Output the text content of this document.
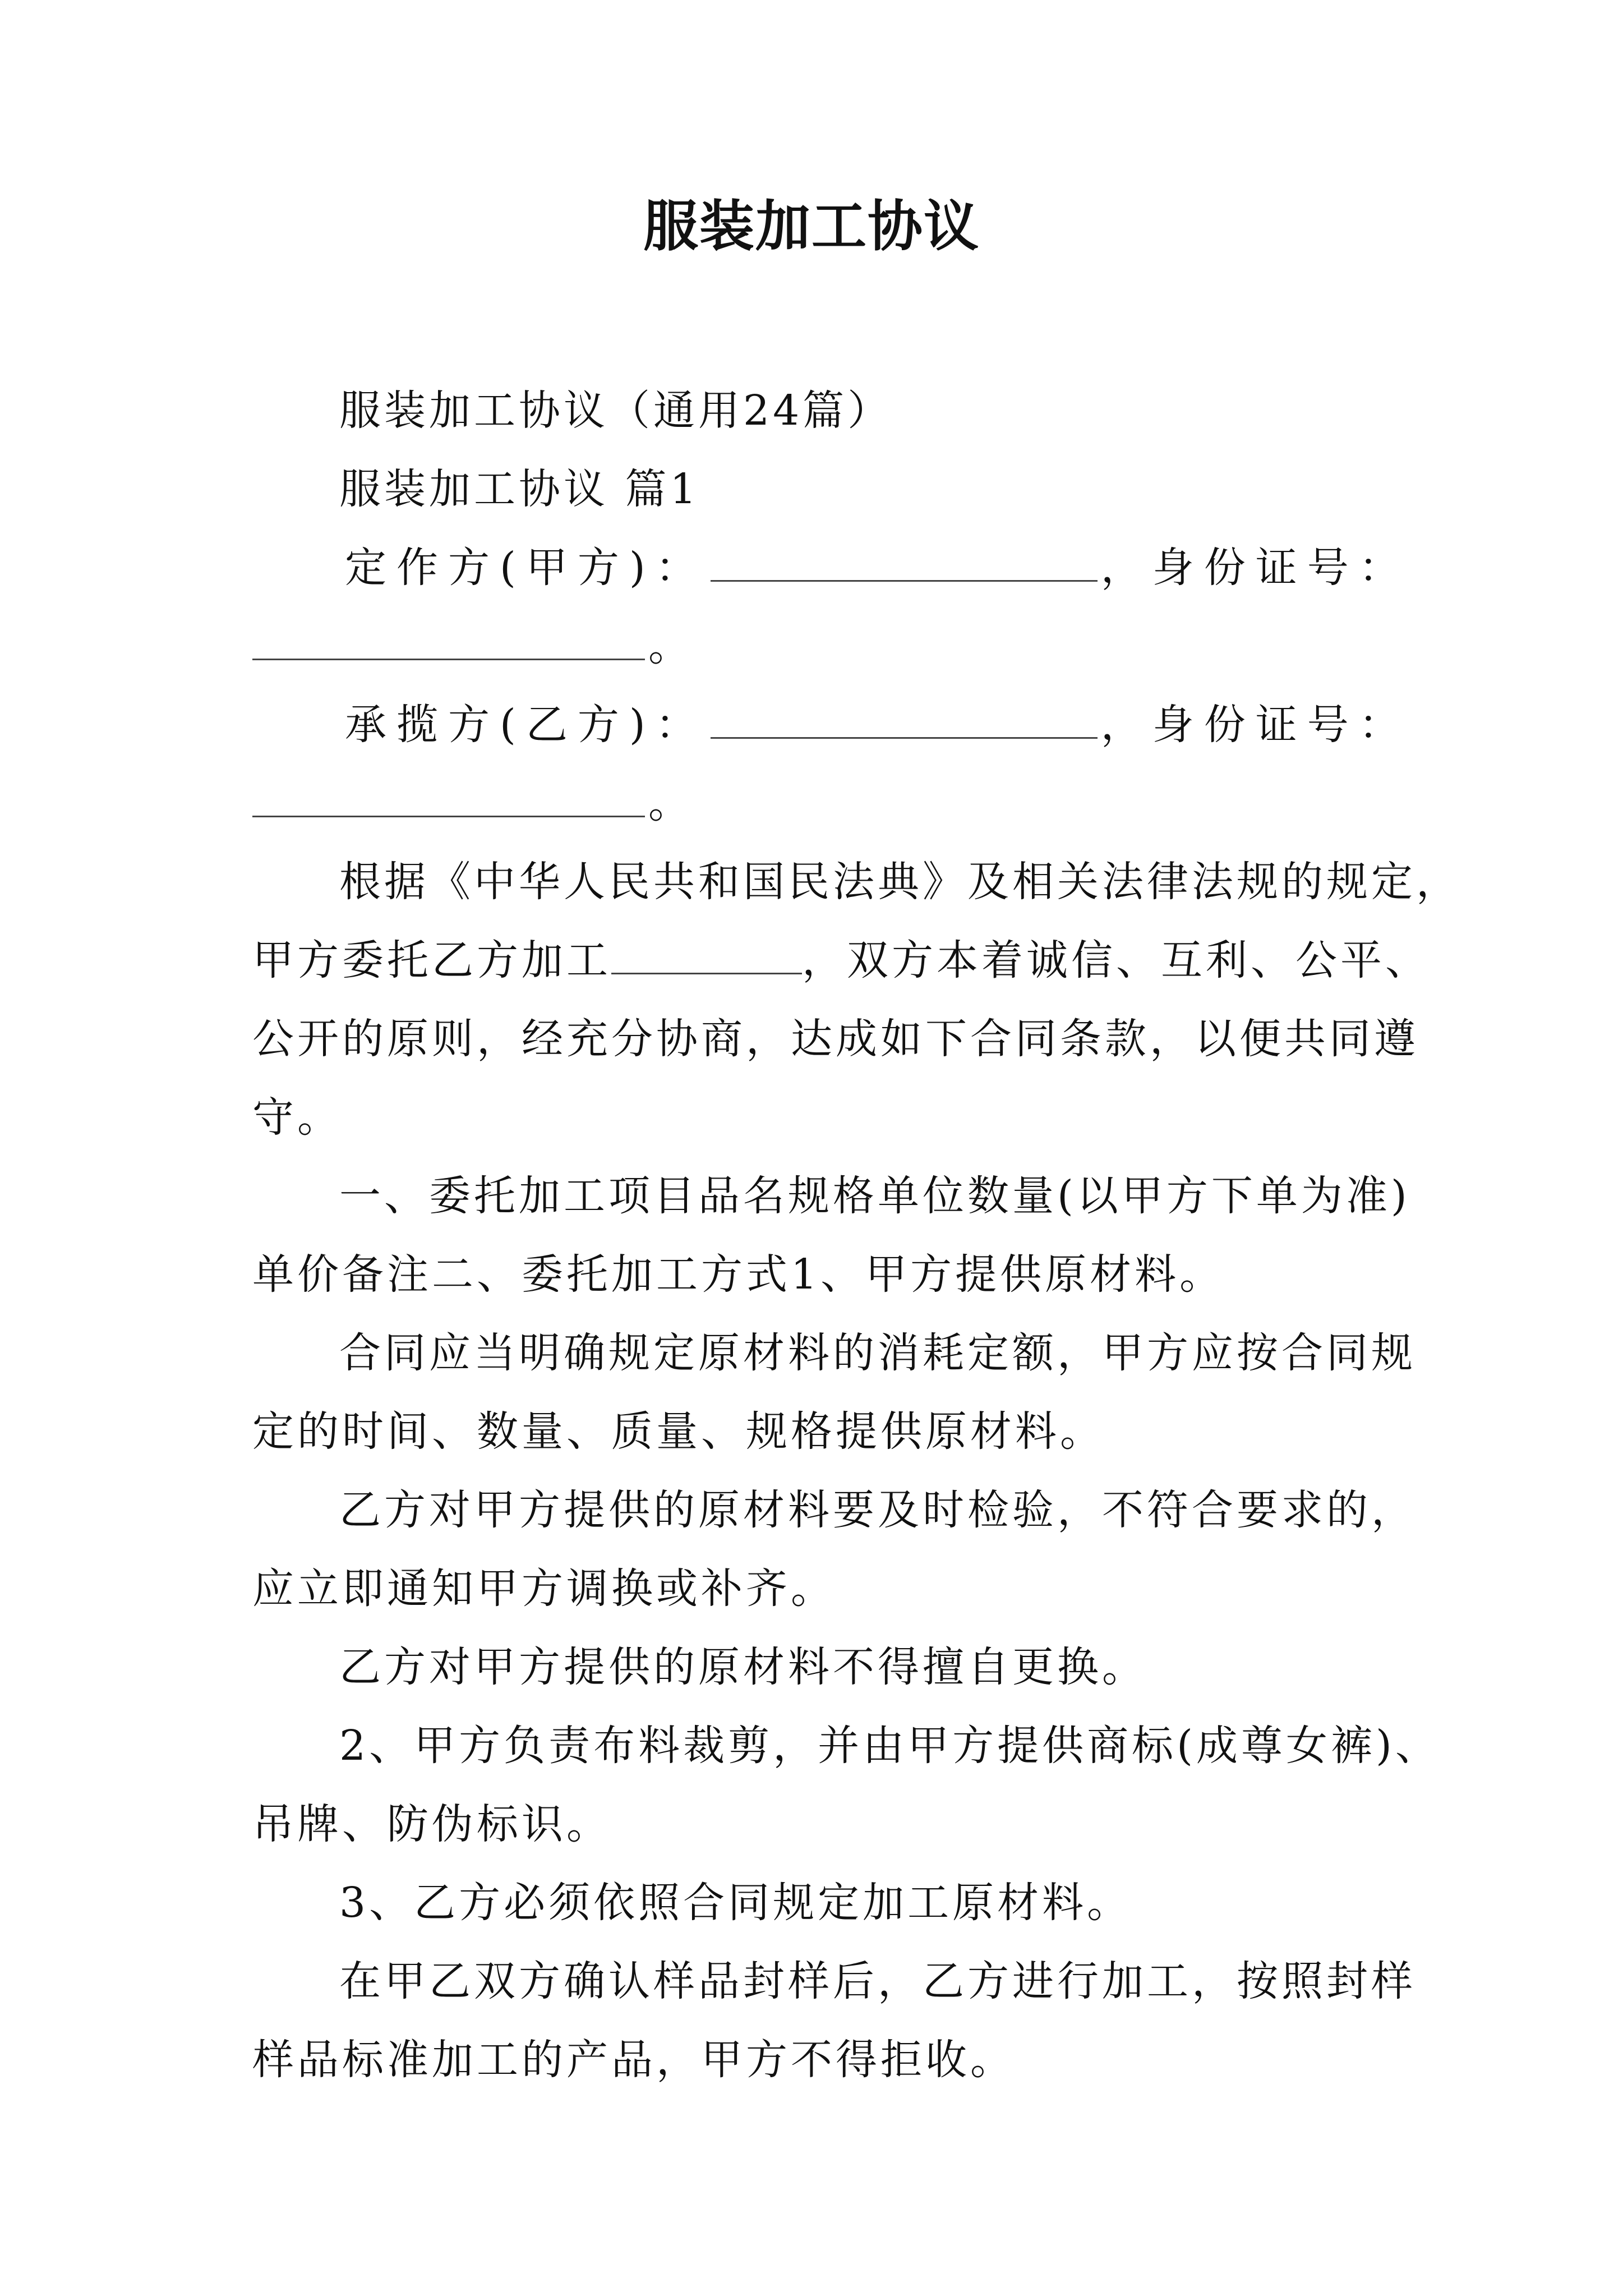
服装加工协议
服装加工协议（通用24篇）
服装加工协议 篇1
定作方(甲方)：	，身份证号：
。
承揽方(乙方)：	，身份证号：
。
根据《中华人民共和国民法典》及相关法律法规的规定，
甲方委托乙方加工	，双方本着诚信、互利、公平、
公开的原则，经充分协商，达成如下合同条款，以便共同遵
守。
一、委托加工项目品名规格单位数量(以甲方下单为准)
单价备注二、委托加工方式1、甲方提供原材料。
合同应当明确规定原材料的消耗定额，甲方应按合同规
定的时间、数量、质量、规格提供原材料。
乙方对甲方提供的原材料要及时检验，不符合要求的，
应立即通知甲方调换或补齐。
乙方对甲方提供的原材料不得擅自更换。
2、甲方负责布料裁剪，并由甲方提供商标(成尊女裤)、
吊牌、防伪标识。
3、乙方必须依照合同规定加工原材料。
在甲乙双方确认样品封样后，乙方进行加工，按照封样
样品标准加工的产品，甲方不得拒收。
